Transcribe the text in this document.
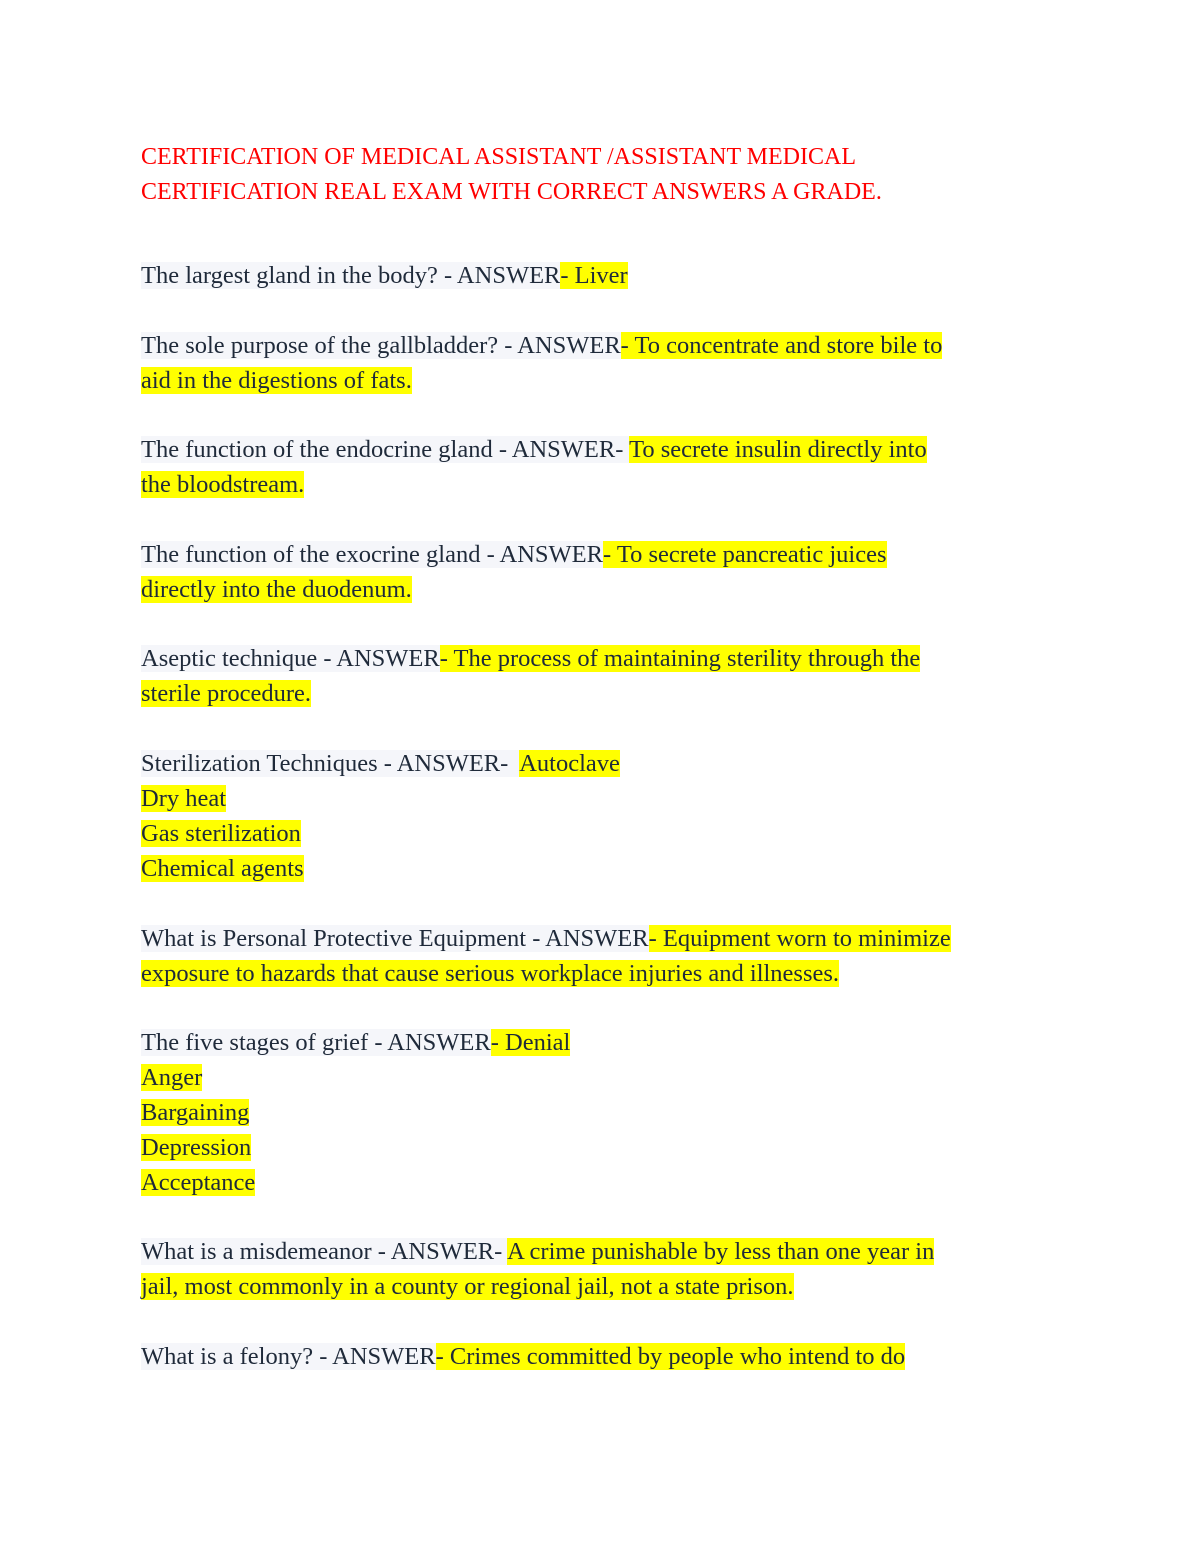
CERTIFICATION OF MEDICAL ASSISTANT /ASSISTANT MEDICAL
CERTIFICATION REAL EXAM WITH CORRECT ANSWERS A GRADE.
The largest gland in the body? - ANSWER- Liver
The sole purpose of the gallbladder? - ANSWER- To concentrate and store bile to
aid in the digestions of fats.
The function of the endocrine gland - ANSWER- To secrete insulin directly into
the bloodstream.
The function of the exocrine gland - ANSWER- To secrete pancreatic juices
directly into the duodenum.
Aseptic technique - ANSWER- The process of maintaining sterility through the
sterile procedure.
Sterilization Techniques - ANSWER-  Autoclave
Dry heat
Gas sterilization
Chemical agents
What is Personal Protective Equipment - ANSWER- Equipment worn to minimize
exposure to hazards that cause serious workplace injuries and illnesses.
The five stages of grief - ANSWER- Denial
Anger
Bargaining
Depression
Acceptance
What is a misdemeanor - ANSWER- A crime punishable by less than one year in
jail, most commonly in a county or regional jail, not a state prison.
What is a felony? - ANSWER- Crimes committed by people who intend to do
